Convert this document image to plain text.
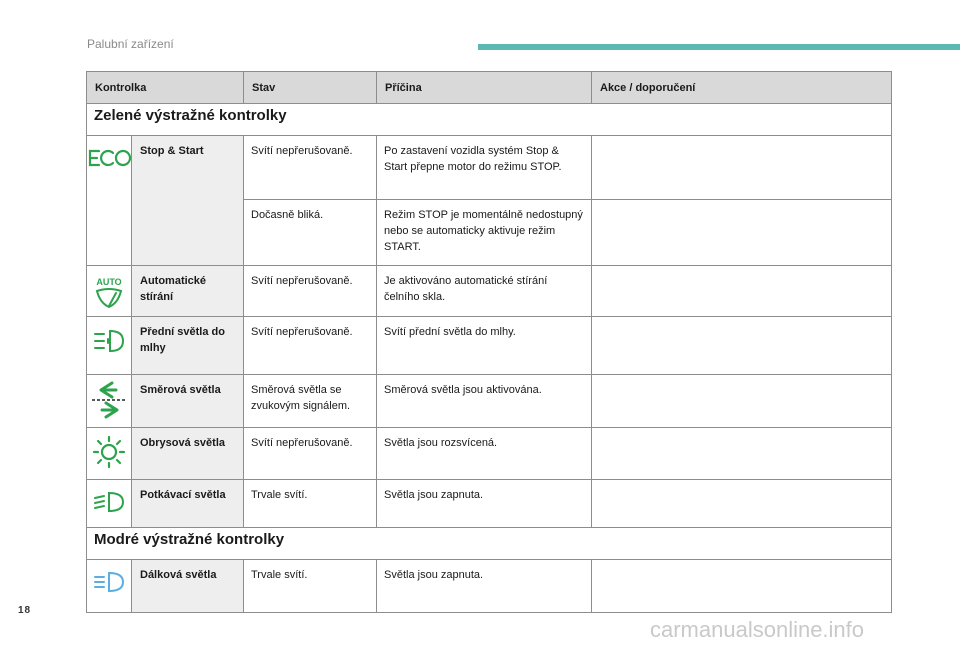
Palubní zařízení
Kontrolka		Stav	Příčina	Akce / doporučení
Zelené výstražné kontrolky				

	Stop & Start	Svítí nepřerušovaně.	Po zastavení vozidla systém Stop & Start přepne motor do režimu STOP.	
		Dočasně bliká.	Režim STOP je momentálně nedostupný nebo se automaticky aktivuje režim START.	

AUTO	Automatické stírání	Svítí nepřerušovaně.	Je aktivováno automatické stírání čelního skla.	

	Přední světla do mlhy	Svítí nepřerušovaně.	Svítí přední světla do mlhy.	

	Směrová světla	Směrová světla se zvukovým signálem.	Směrová světla jsou aktivována.	

	Obrysová světla	Svítí nepřerušovaně.	Světla jsou rozsvícená.	

	Potkávací světla	Trvale svítí.	Světla jsou zapnuta.	
Modré výstražné kontrolky				

	Dálková světla	Trvale svítí.	Světla jsou zapnuta.	
18
carmanualsonline.info
